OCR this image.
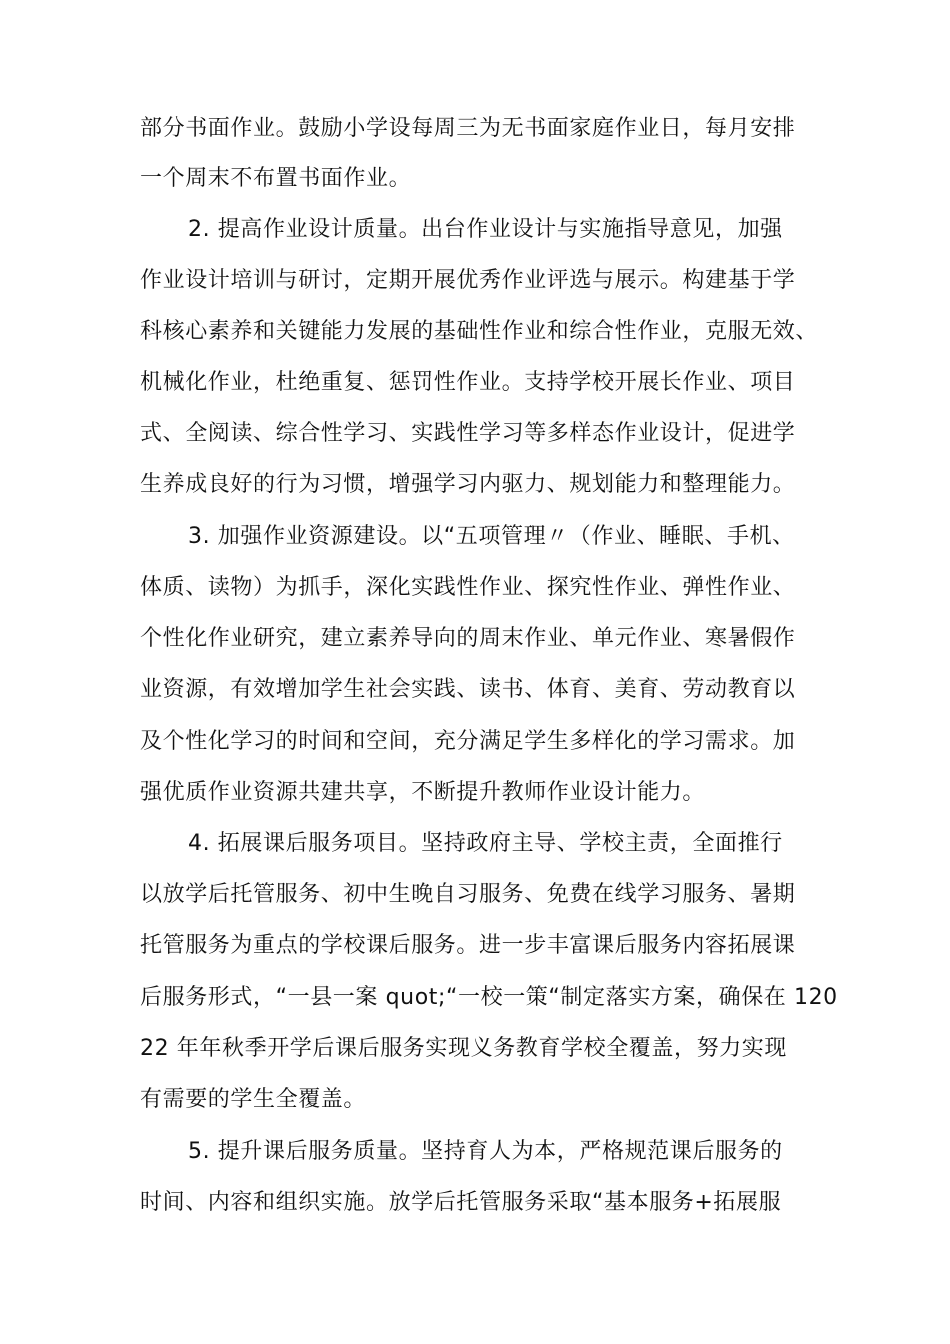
部分书面作业。鼓励小学设每周三为无书面家庭作业日，每月安排
一个周末不布置书面作业。
2. 提高作业设计质量。出台作业设计与实施指导意见，加强
作业设计培训与研讨，定期开展优秀作业评选与展示。构建基于学
科核心素养和关键能力发展的基础性作业和综合性作业，克服无效、
机械化作业，杜绝重复、惩罚性作业。支持学校开展长作业、项目
式、全阅读、综合性学习、实践性学习等多样态作业设计，促进学
生养成良好的行为习惯，增强学习内驱力、规划能力和整理能力。
3. 加强作业资源建设。以“五项管理〃（作业、睡眠、手机、
体质、读物）为抓手，深化实践性作业、探究性作业、弹性作业、
个性化作业研究，建立素养导向的周末作业、单元作业、寒暑假作
业资源，有效增加学生社会实践、读书、体育、美育、劳动教育以
及个性化学习的时间和空间，充分满足学生多样化的学习需求。加
强优质作业资源共建共享，不断提升教师作业设计能力。
4. 拓展课后服务项目。坚持政府主导、学校主责，全面推行
以放学后托管服务、初中生晚自习服务、免费在线学习服务、暑期
托管服务为重点的学校课后服务。进一步丰富课后服务内容拓展课
后服务形式，“一县一案 quot;“一校一策“制定落实方案，确保在 120
22 年年秋季开学后课后服务实现义务教育学校全覆盖，努力实现
有需要的学生全覆盖。
5. 提升课后服务质量。坚持育人为本，严格规范课后服务的
时间、内容和组织实施。放学后托管服务采取“基本服务+拓展服
